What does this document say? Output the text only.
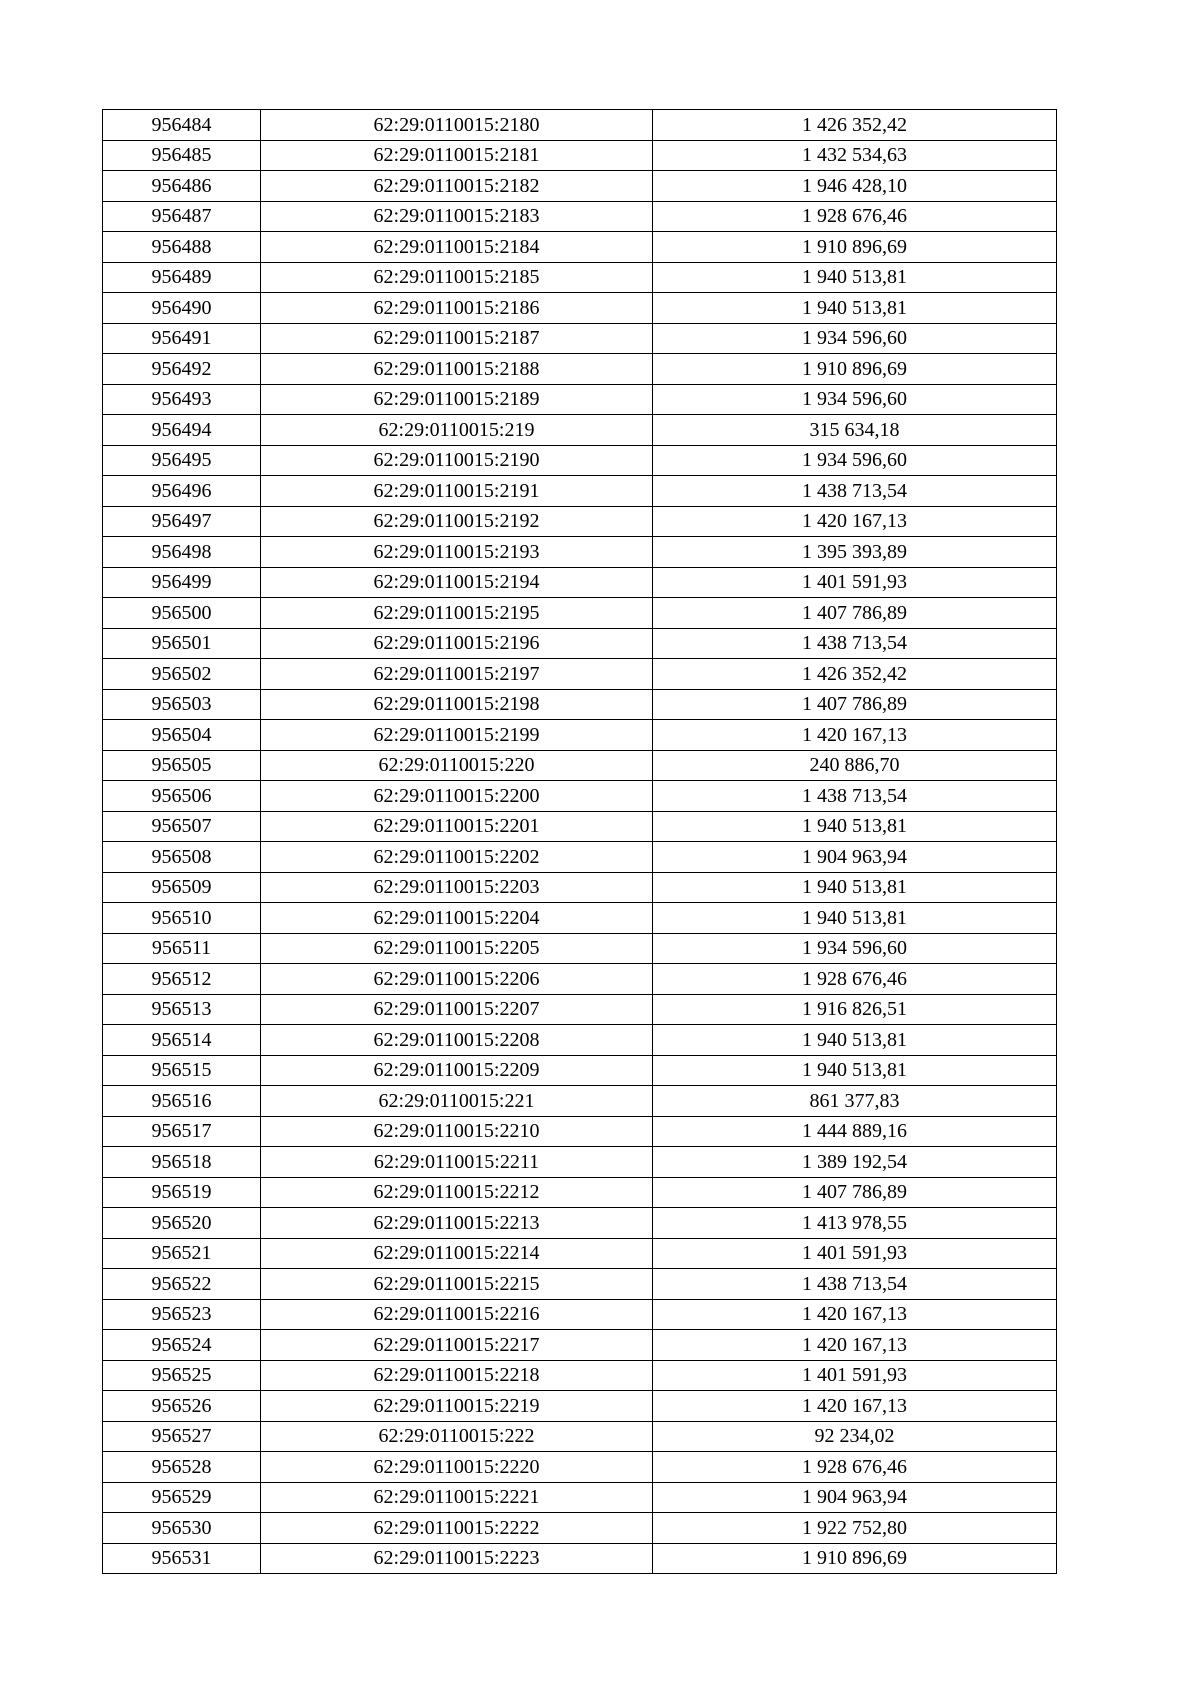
956484	62:29:0110015:2180	1 426 352,42
956485	62:29:0110015:2181	1 432 534,63
956486	62:29:0110015:2182	1 946 428,10
956487	62:29:0110015:2183	1 928 676,46
956488	62:29:0110015:2184	1 910 896,69
956489	62:29:0110015:2185	1 940 513,81
956490	62:29:0110015:2186	1 940 513,81
956491	62:29:0110015:2187	1 934 596,60
956492	62:29:0110015:2188	1 910 896,69
956493	62:29:0110015:2189	1 934 596,60
956494	62:29:0110015:219	315 634,18
956495	62:29:0110015:2190	1 934 596,60
956496	62:29:0110015:2191	1 438 713,54
956497	62:29:0110015:2192	1 420 167,13
956498	62:29:0110015:2193	1 395 393,89
956499	62:29:0110015:2194	1 401 591,93
956500	62:29:0110015:2195	1 407 786,89
956501	62:29:0110015:2196	1 438 713,54
956502	62:29:0110015:2197	1 426 352,42
956503	62:29:0110015:2198	1 407 786,89
956504	62:29:0110015:2199	1 420 167,13
956505	62:29:0110015:220	240 886,70
956506	62:29:0110015:2200	1 438 713,54
956507	62:29:0110015:2201	1 940 513,81
956508	62:29:0110015:2202	1 904 963,94
956509	62:29:0110015:2203	1 940 513,81
956510	62:29:0110015:2204	1 940 513,81
956511	62:29:0110015:2205	1 934 596,60
956512	62:29:0110015:2206	1 928 676,46
956513	62:29:0110015:2207	1 916 826,51
956514	62:29:0110015:2208	1 940 513,81
956515	62:29:0110015:2209	1 940 513,81
956516	62:29:0110015:221	861 377,83
956517	62:29:0110015:2210	1 444 889,16
956518	62:29:0110015:2211	1 389 192,54
956519	62:29:0110015:2212	1 407 786,89
956520	62:29:0110015:2213	1 413 978,55
956521	62:29:0110015:2214	1 401 591,93
956522	62:29:0110015:2215	1 438 713,54
956523	62:29:0110015:2216	1 420 167,13
956524	62:29:0110015:2217	1 420 167,13
956525	62:29:0110015:2218	1 401 591,93
956526	62:29:0110015:2219	1 420 167,13
956527	62:29:0110015:222	92 234,02
956528	62:29:0110015:2220	1 928 676,46
956529	62:29:0110015:2221	1 904 963,94
956530	62:29:0110015:2222	1 922 752,80
956531	62:29:0110015:2223	1 910 896,69
